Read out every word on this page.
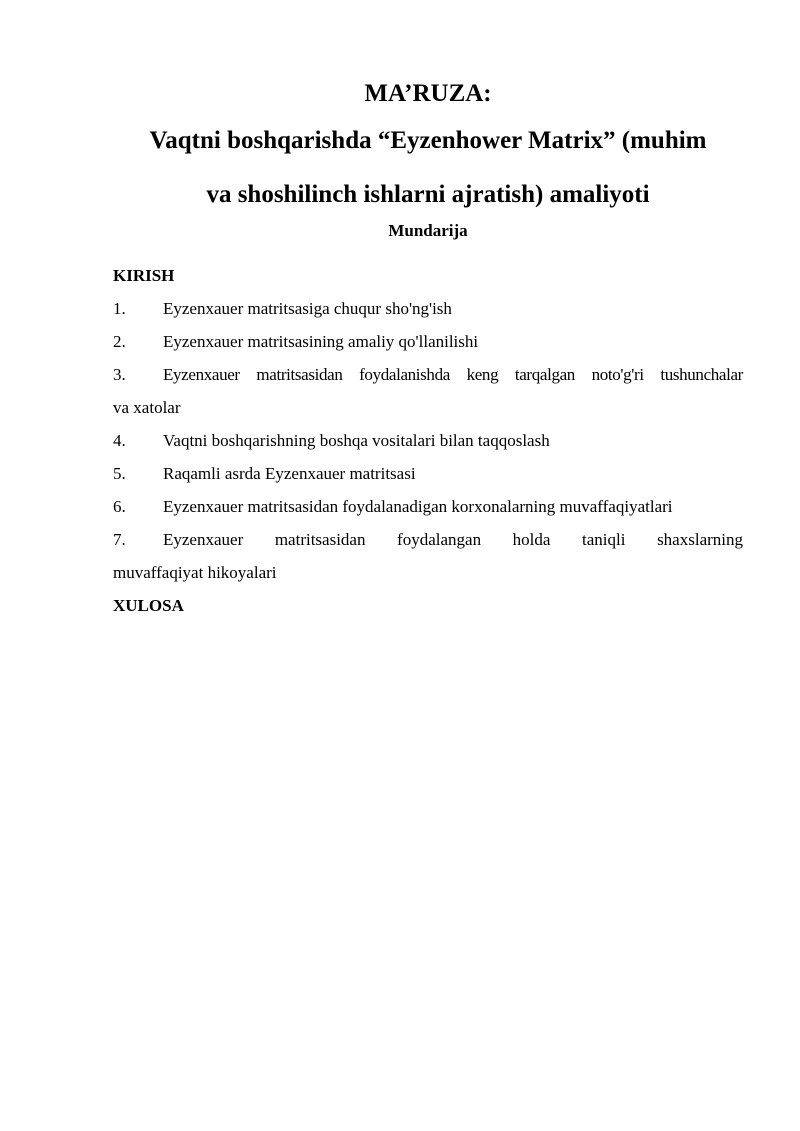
MA’RUZA:

Vaqtni boshqarishda “Eyzenhower Matrix” (muhim

va shoshilinch ishlarni ajratish) amaliyoti

Mundarija

KIRISH

1.	Eyzenxauer matritsasiga chuqur sho'ng'ish
2.	Eyzenxauer matritsasining amaliy qo'llanilishi
3.	Eyzenxauer matritsasidan foydalanishda keng tarqalgan noto'g'ri tushunchalar
va xatolar
4.	Vaqtni boshqarishning boshqa vositalari bilan taqqoslash
5.	Raqamli asrda Eyzenxauer matritsasi
6.	Eyzenxauer matritsasidan foydalanadigan korxonalarning muvaffaqiyatlari
7.	Eyzenxauer matritsasidan foydalangan holda taniqli shaxslarning
muvaffaqiyat hikoyalari

XULOSA
